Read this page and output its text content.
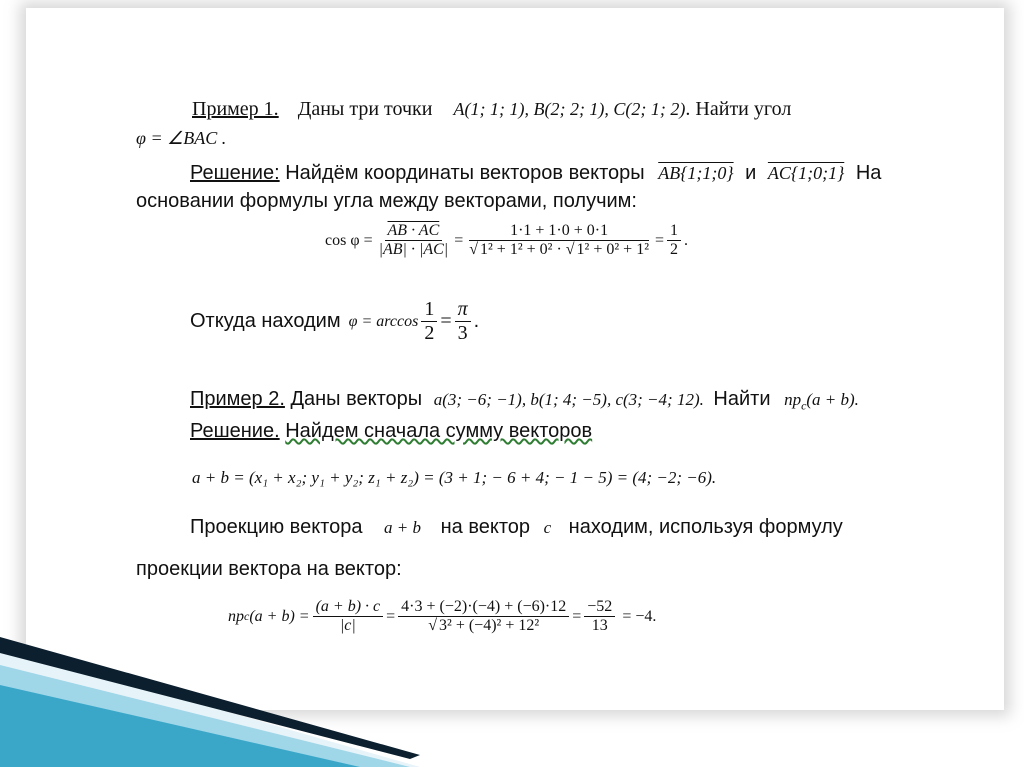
Пример 1. Даны три точки A(1; 1; 1), B(2; 2; 1), C(2; 1; 2). Найти угол
φ = ∠BAC .
Решение: Найдём координаты векторов векторы AB{1;1;0} и AC{1;0;1} На
основании формулы угла между векторами, получим:
$\cos \varphi = \frac{AB \cdot AC}{|AB| \cdot |AC|} = 1\cdot 1 + 1\cdot 0 + 0\cdot 1$
√ 1² + 1² + 0² · √ $1^2 + 0^2 + 1^2 = \frac{1}{2}$ .
Откуда находим $\varphi = \arccos \frac{1}{2} = \frac{\pi}{3}$ .
Пример 2. Даны векторы a(3; −6; −1), b(1; 4; −5), c(3; −4; 12). Найти $np_c(a + b)$.
Решение. Найдем сначала сумму векторов
a + b = (x₁ + x₂; y₁ + y₂; z₁ + z₂) = (3 + 1; − 6 + 4; − 1 − 5) = (4; −2; −6).
Проекцию вектора a + b на вектор c находим, используя формулу
проекции вектора на вектор:
np c $(a + b) = \frac{(a + b) \cdot c}{|c|} = 4\cdot 3 + (-2)\cdot(-4) + (-6)\cdot 12$
√ $3^2 + (-4)^2 + 12^2 = \frac{-52}{13} = -4$.
